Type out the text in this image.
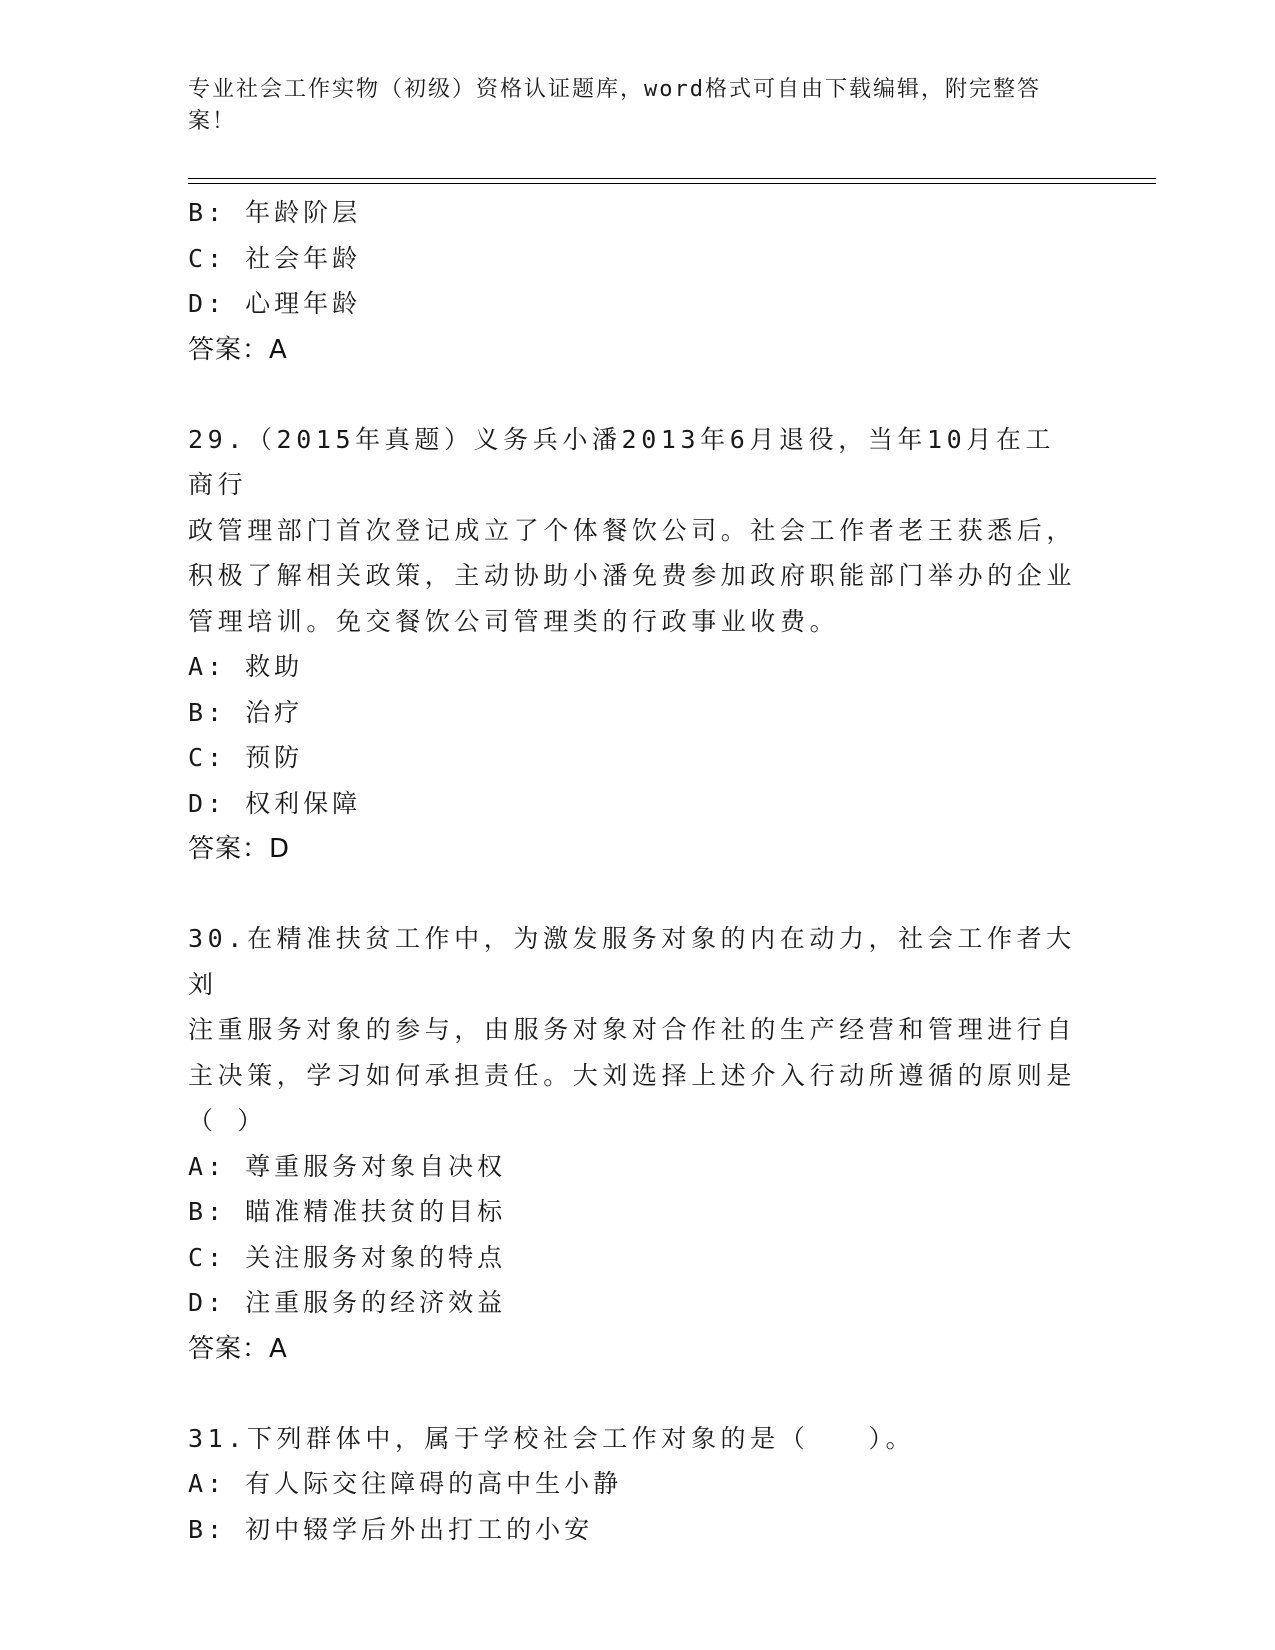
专业社会工作实物（初级）资格认证题库，word格式可自由下载编辑，附完整答
案！
B: 年龄阶层
C: 社会年龄
D: 心理年龄
答案：A
29.（2015年真题）义务兵小潘2013年6月退役，当年10月在工商行
政管理部门首次登记成立了个体餐饮公司。社会工作者老王获悉后，
积极了解相关政策，主动协助小潘免费参加政府职能部门举办的企业
管理培训。免交餐饮公司管理类的行政事业收费。
A: 救助
B: 治疗
C: 预防
D: 权利保障
答案：D
30.在精准扶贫工作中，为激发服务对象的内在动力，社会工作者大刘
注重服务对象的参与，由服务对象对合作社的生产经营和管理进行自
主决策，学习如何承担责任。大刘选择上述介入行动所遵循的原则是
（ ）
A: 尊重服务对象自决权
B: 瞄准精准扶贫的目标
C: 关注服务对象的特点
D: 注重服务的经济效益
答案：A
31.下列群体中，属于学校社会工作对象的是（　　）。
A: 有人际交往障碍的高中生小静
B: 初中辍学后外出打工的小安
